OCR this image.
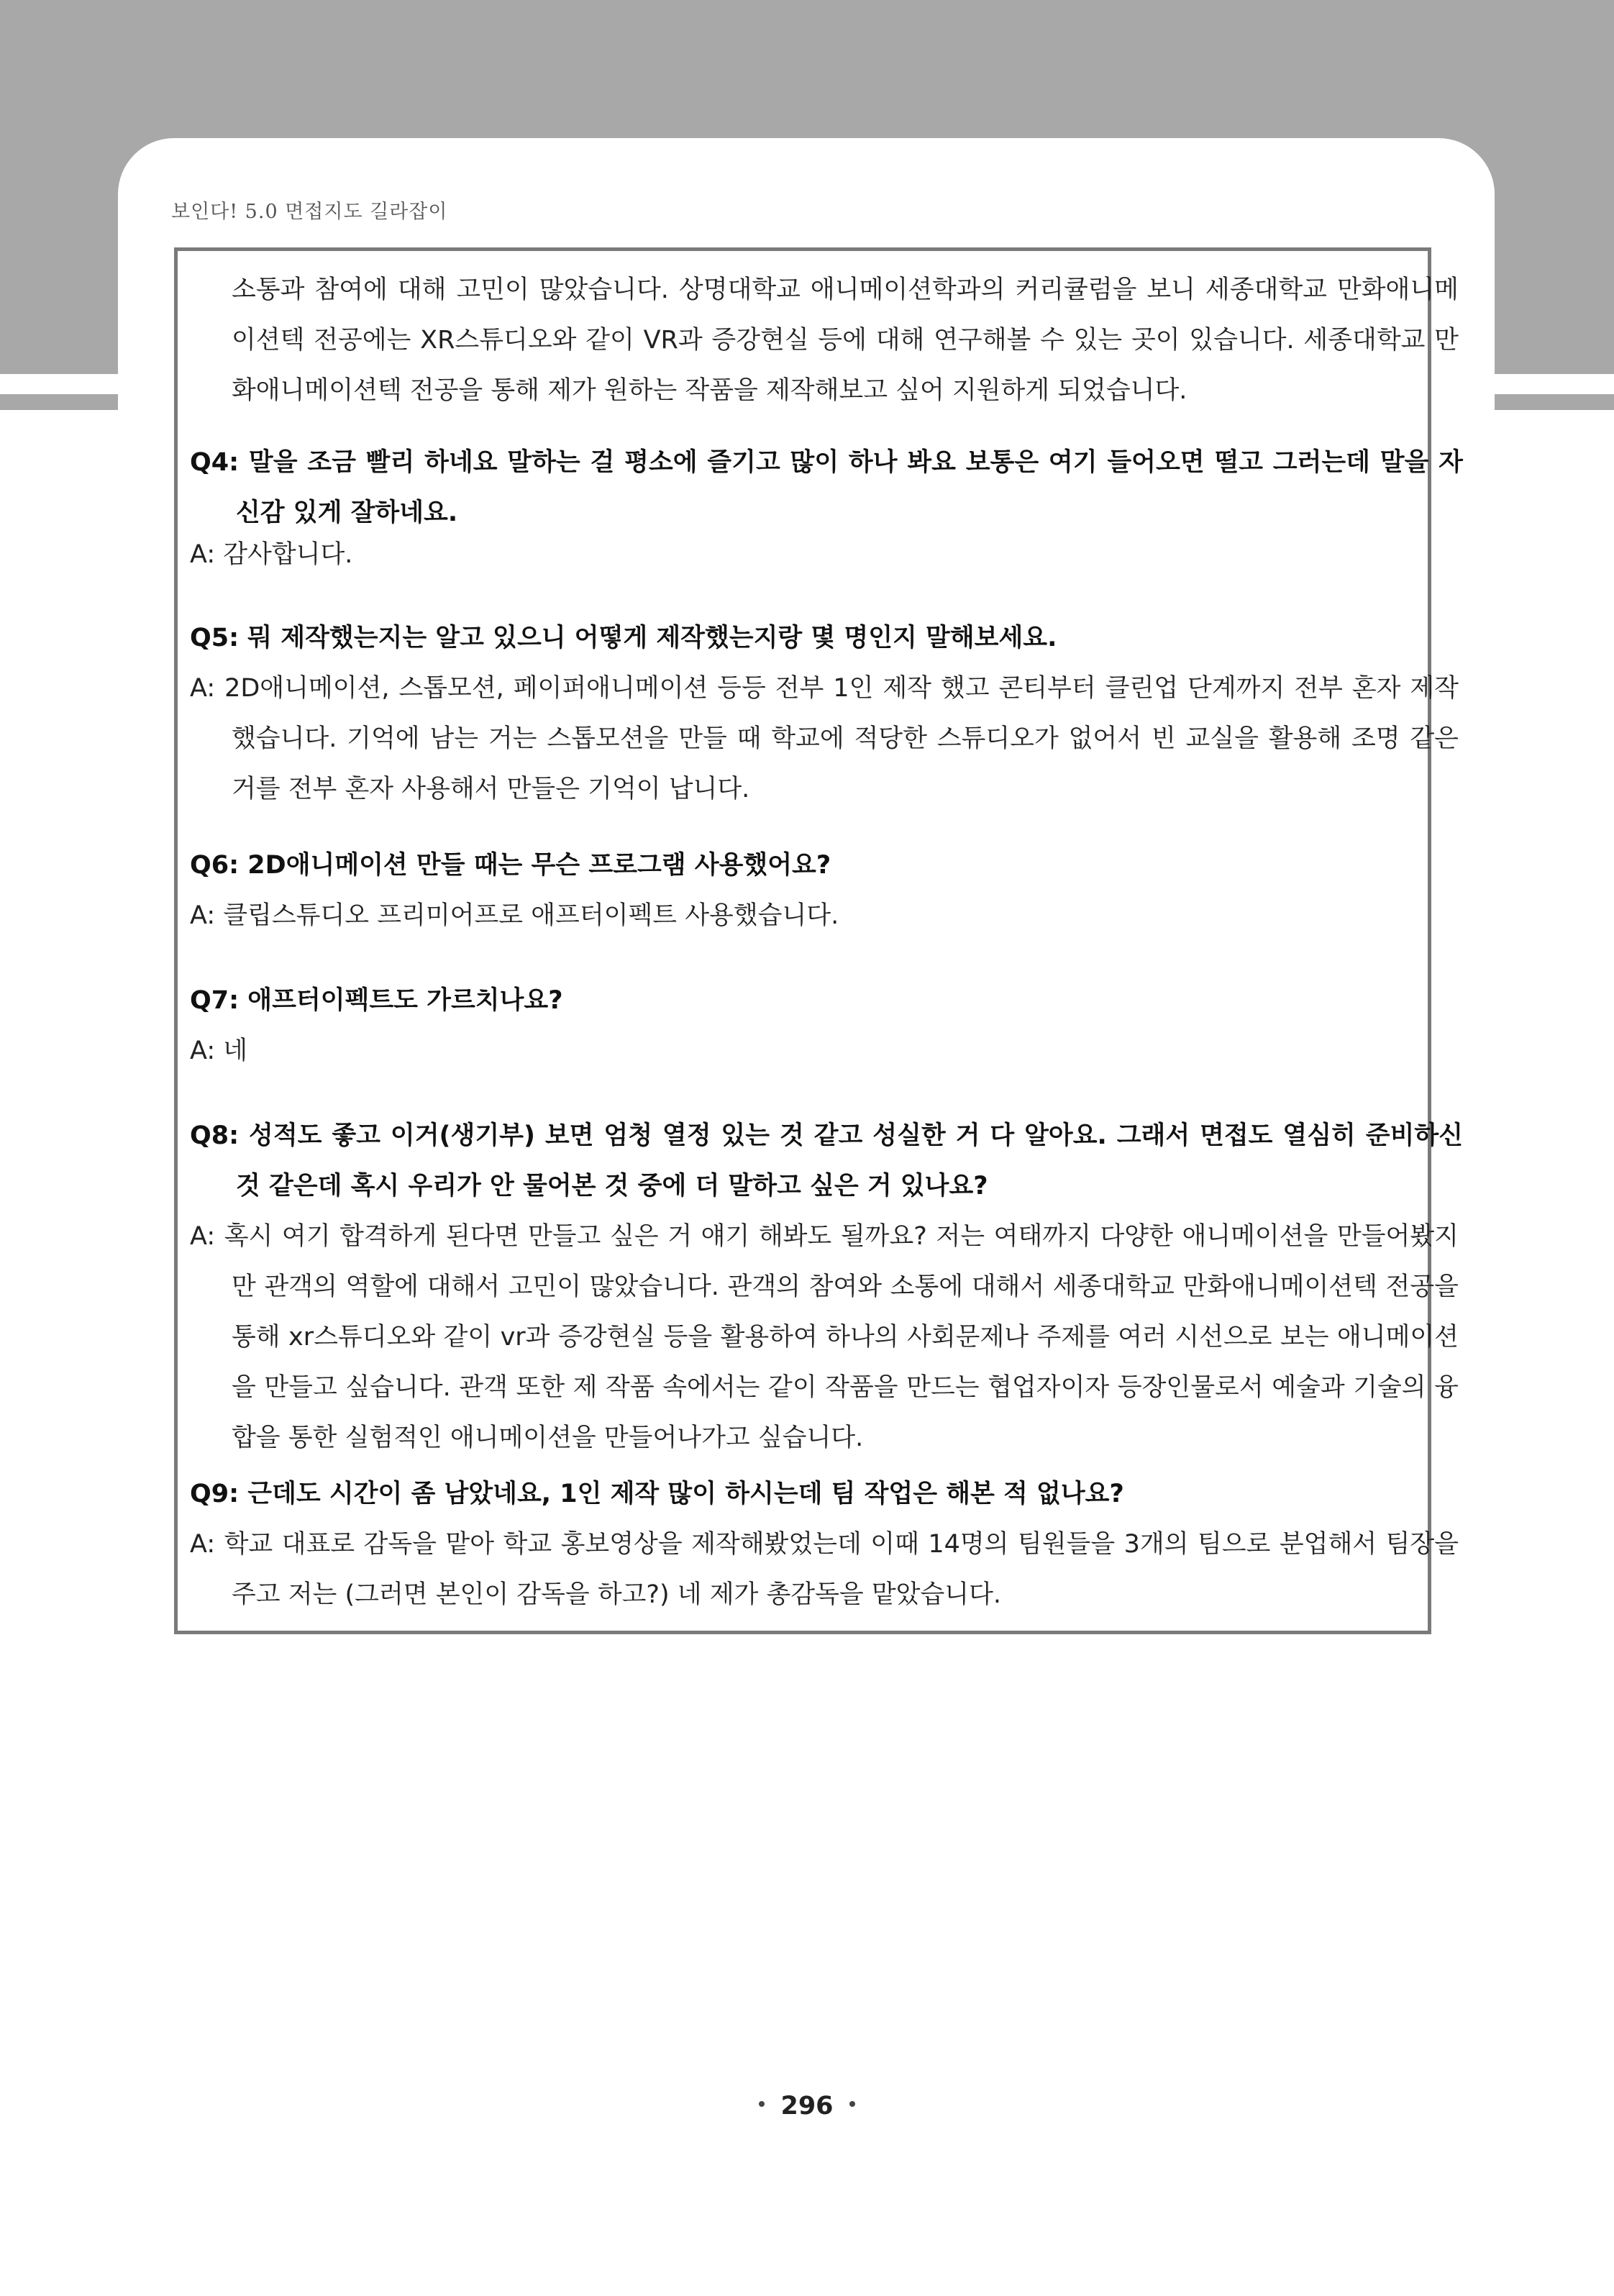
보인다! 5.0 면접지도 길라잡이
소통과 참여에 대해 고민이 많았습니다. 상명대학교 애니메이션학과의 커리큘럼을 보니 세종대학교 만화애니메이션텍 전공에는 XR스튜디오와 같이 VR과 증강현실 등에 대해 연구해볼 수 있는 곳이 있습니다. 세종대학교 만화애니메이션텍 전공을 통해 제가 원하는 작품을 제작해보고 싶어 지원하게 되었습니다.
Q4: 말을 조금 빨리 하네요 말하는 걸 평소에 즐기고 많이 하나 봐요 보통은 여기 들어오면 떨고 그러는데 말을 자신감 있게 잘하네요.
A: 감사합니다.
Q5: 뭐 제작했는지는 알고 있으니 어떻게 제작했는지랑 몇 명인지 말해보세요.
A: 2D애니메이션, 스톱모션, 페이퍼애니메이션 등등 전부 1인 제작 했고 콘티부터 클린업 단계까지 전부 혼자 제작했습니다. 기억에 남는 거는 스톱모션을 만들 때 학교에 적당한 스튜디오가 없어서 빈 교실을 활용해 조명 같은 거를 전부 혼자 사용해서 만들은 기억이 납니다.
Q6: 2D애니메이션 만들 때는 무슨 프로그램 사용했어요?
A: 클립스튜디오 프리미어프로 애프터이펙트 사용했습니다.
Q7: 애프터이펙트도 가르치나요?
A: 네
Q8: 성적도 좋고 이거(생기부) 보면 엄청 열정 있는 것 같고 성실한 거 다 알아요. 그래서 면접도 열심히 준비하신 것 같은데 혹시 우리가 안 물어본 것 중에 더 말하고 싶은 거 있나요?
A: 혹시 여기 합격하게 된다면 만들고 싶은 거 얘기 해봐도 될까요? 저는 여태까지 다양한 애니메이션을 만들어봤지만 관객의 역할에 대해서 고민이 많았습니다. 관객의 참여와 소통에 대해서 세종대학교 만화애니메이션텍 전공을 통해 xr스튜디오와 같이 vr과 증강현실 등을 활용하여 하나의 사회문제나 주제를 여러 시선으로 보는 애니메이션을 만들고 싶습니다. 관객 또한 제 작품 속에서는 같이 작품을 만드는 협업자이자 등장인물로서 예술과 기술의 융합을 통한 실험적인 애니메이션을 만들어나가고 싶습니다.
Q9: 근데도 시간이 좀 남았네요, 1인 제작 많이 하시는데 팀 작업은 해본 적 없나요?
A: 학교 대표로 감독을 맡아 학교 홍보영상을 제작해봤었는데 이때 14명의 팀원들을 3개의 팀으로 분업해서 팀장을 주고 저는 (그러면 본인이 감독을 하고?) 네 제가 총감독을 맡았습니다.
296
